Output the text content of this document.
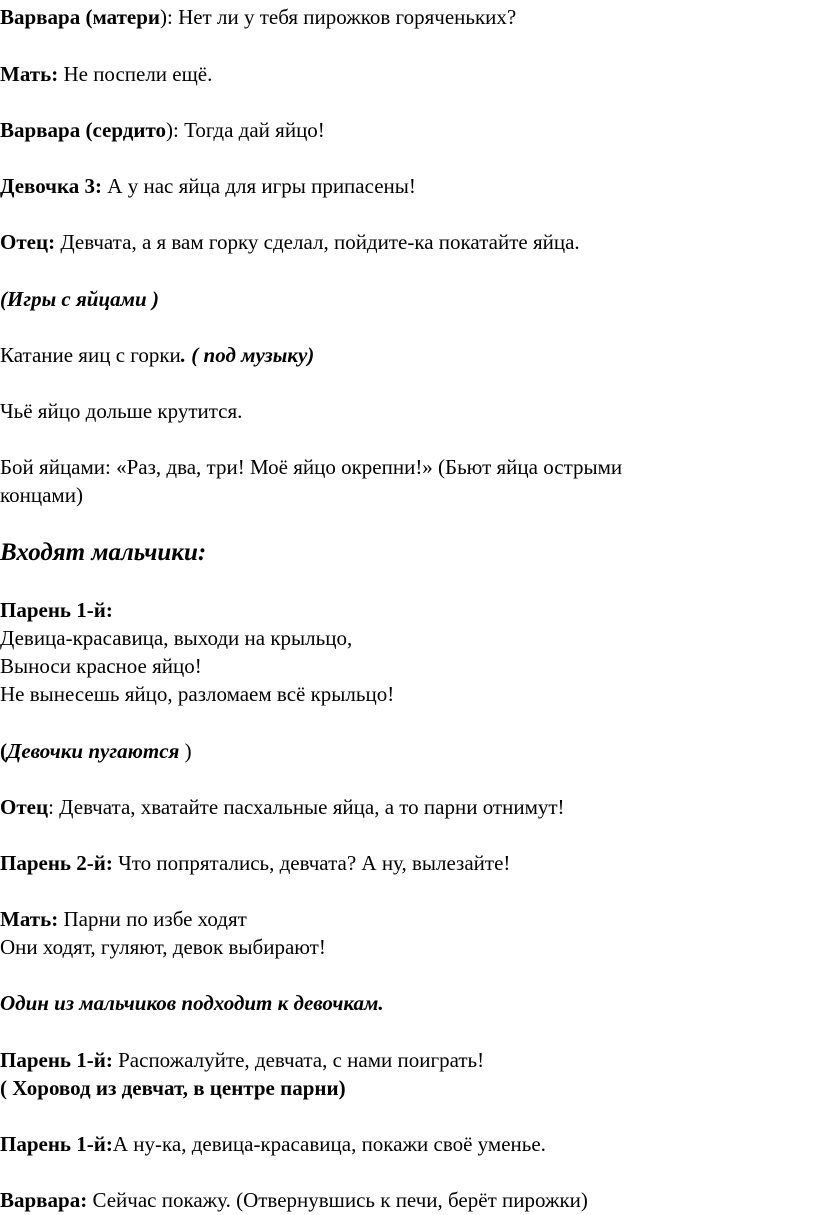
Варвара (матери): Нет ли у тебя пирожков горяченьких?

Мать: Не поспели ещё.

Варвара (сердито): Тогда дай яйцо!

Девочка 3: А у нас яйца для игры припасены!

Отец: Девчата, а я вам горку сделал, пойдите-ка покатайте яйца.

(Игры с яйцами )

Катание яиц с горки. ( под музыку)

Чьё яйцо дольше крутится.

Бой яйцами: «Раз, два, три! Моё яйцо окрепни!» (Бьют яйца острыми

концами)

Входят мальчики:

Парень 1-й:

Девица-красавица, выходи на крыльцо,

Выноси красное яйцо!

Не вынесешь яйцо, разломаем всё крыльцо!

(Девочки пугаются )

Отец: Девчата, хватайте пасхальные яйца, а то парни отнимут!

Парень 2-й: Что попрятались, девчата? А ну, вылезайте!

Мать: Парни по избе ходят

Они ходят, гуляют, девок выбирают!

Один из мальчиков подходит к девочкам.

Парень 1-й: Распожалуйте, девчата, с нами поиграть!

( Хоровод из девчат, в центре парни)

Парень 1-й:А ну-ка, девица-красавица, покажи своё уменье.

Варвара: Сейчас покажу. (Отвернувшись к печи, берёт пирожки)
